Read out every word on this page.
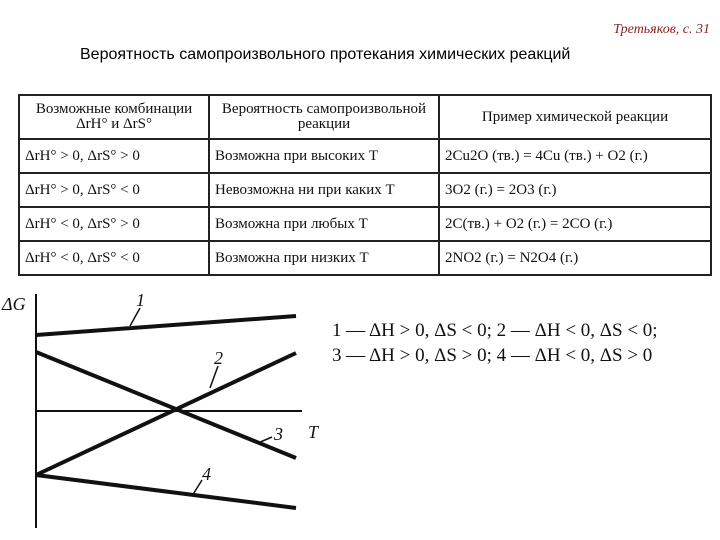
Третьяков, с. 31
Вероятность самопроизвольного протекания химических реакций
Возможные комбинации ΔrH° и ΔrS°	Вероятность самопроизвольной реакции	Пример химической реакции
ΔrH° > 0, ΔrS° > 0	Возможна при высоких T	2Cu2O (тв.) = 4Cu (тв.) + O2 (г.)
ΔrH° > 0, ΔrS° < 0	Невозможна ни при каких T	3O2 (г.) = 2O3 (г.)
ΔrH° < 0, ΔrS° > 0	Возможна при любых T	2C(тв.) + O2 (г.) = 2CO (г.)
ΔrH° < 0, ΔrS° < 0	Возможна при низких T	2NO2 (г.) = N2O4 (г.)
ΔG
T
1
2
3
4
1 — ΔH > 0, ΔS < 0; 2 — ΔH < 0, ΔS < 0;
3 — ΔH > 0, ΔS > 0; 4 — ΔH < 0, ΔS > 0
